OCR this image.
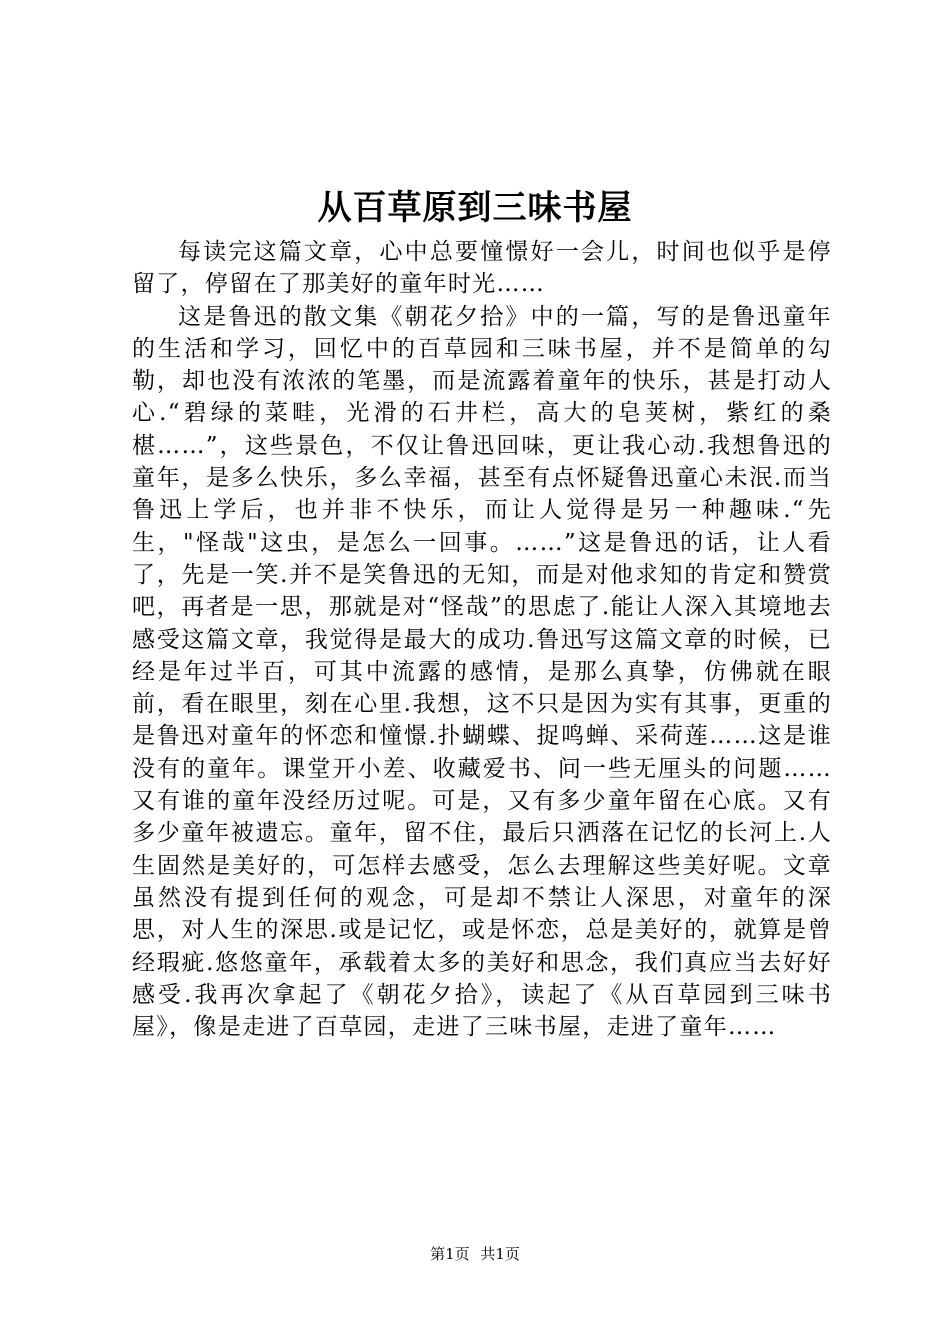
从百草原到三味书屋

每读完这篇文章，心中总要憧憬好一会儿，时间也似乎是停留了，停留在了那美好的童年时光……

这是鲁迅的散文集《朝花夕拾》中的一篇，写的是鲁迅童年的生活和学习，回忆中的百草园和三味书屋，并不是简单的勾勒，却也没有浓浓的笔墨，而是流露着童年的快乐，甚是打动人心.“碧绿的菜畦，光滑的石井栏，高大的皂荚树，紫红的桑椹……”，这些景色，不仅让鲁迅回味，更让我心动.我想鲁迅的童年，是多么快乐，多么幸福，甚至有点怀疑鲁迅童心未泯.而当鲁迅上学后，也并非不快乐，而让人觉得是另一种趣味.“先生，"怪哉"这虫，是怎么一回事。……”这是鲁迅的话，让人看了，先是一笑.并不是笑鲁迅的无知，而是对他求知的肯定和赞赏吧，再者是一思，那就是对“怪哉”的思虑了.能让人深入其境地去感受这篇文章，我觉得是最大的成功.鲁迅写这篇文章的时候，已经是年过半百，可其中流露的感情，是那么真挚，仿佛就在眼前，看在眼里，刻在心里.我想，这不只是因为实有其事，更重的是鲁迅对童年的怀恋和憧憬.扑蝴蝶、捉鸣蝉、采荷莲……这是谁没有的童年。课堂开小差、收藏爱书、问一些无厘头的问题……又有谁的童年没经历过呢。可是，又有多少童年留在心底。又有多少童年被遗忘。童年，留不住，最后只洒落在记忆的长河上.人生固然是美好的，可怎样去感受，怎么去理解这些美好呢。文章虽然没有提到任何的观念，可是却不禁让人深思，对童年的深思，对人生的深思.或是记忆，或是怀恋，总是美好的，就算是曾经瑕疵.悠悠童年，承载着太多的美好和思念，我们真应当去好好感受.我再次拿起了《朝花夕拾》，读起了《从百草园到三味书屋》，像是走进了百草园，走进了三味书屋，走进了童年……

第1页 共1页
